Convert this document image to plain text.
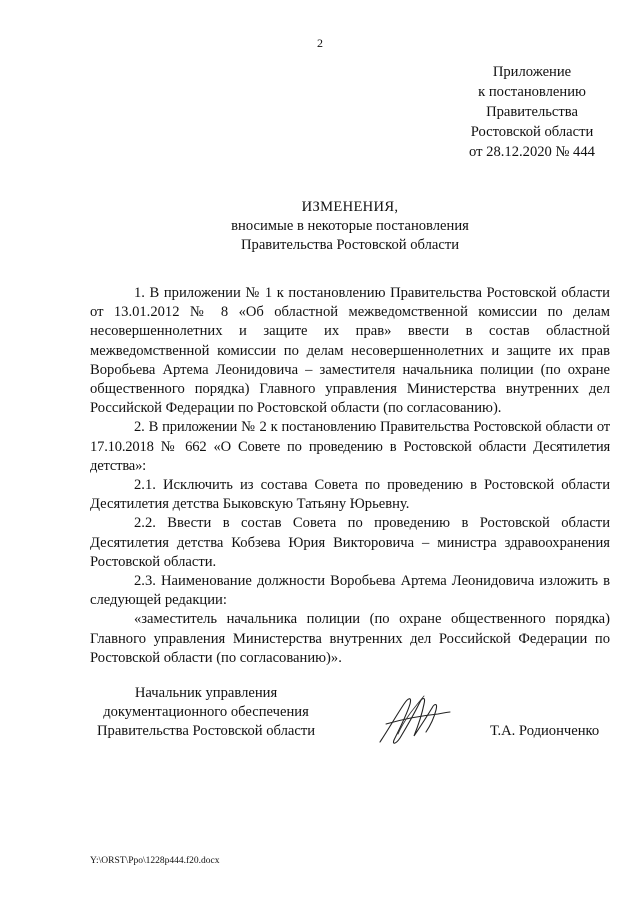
2
Приложение
к постановлению
Правительства
Ростовской области
от 28.12.2020 № 444
ИЗМЕНЕНИЯ,
вносимые в некоторые постановления
Правительства Ростовской области

1. В приложении № 1 к постановлению Правительства Ростовской области от 13.01.2012 № 8 «Об областной межведомственной комиссии по делам несовершеннолетних и защите их прав» ввести в состав областной межведомственной комиссии по делам несовершеннолетних и защите их прав Воробьева Артема Леонидовича – заместителя начальника полиции (по охране общественного порядка) Главного управления Министерства внутренних дел Российской Федерации по Ростовской области (по согласованию).

2. В приложении № 2 к постановлению Правительства Ростовской области от 17.10.2018 № 662 «О Совете по проведению в Ростовской области Десятилетия детства»:

2.1. Исключить из состава Совета по проведению в Ростовской области Десятилетия детства Быковскую Татьяну Юрьевну.

2.2. Ввести в состав Совета по проведению в Ростовской области Десятилетия детства Кобзева Юрия Викторовича – министра здравоохранения Ростовской области.

2.3. Наименование должности Воробьева Артема Леонидовича изложить в следующей редакции:

«заместитель начальника полиции (по охране общественного порядка) Главного управления Министерства внутренних дел Российской Федерации по Ростовской области (по согласованию)».

Начальник управления
документационного обеспечения
Правительства Ростовской области	Т.А. Родионченко
Y:\ORST\Ppo\1228p444.f20.docx
